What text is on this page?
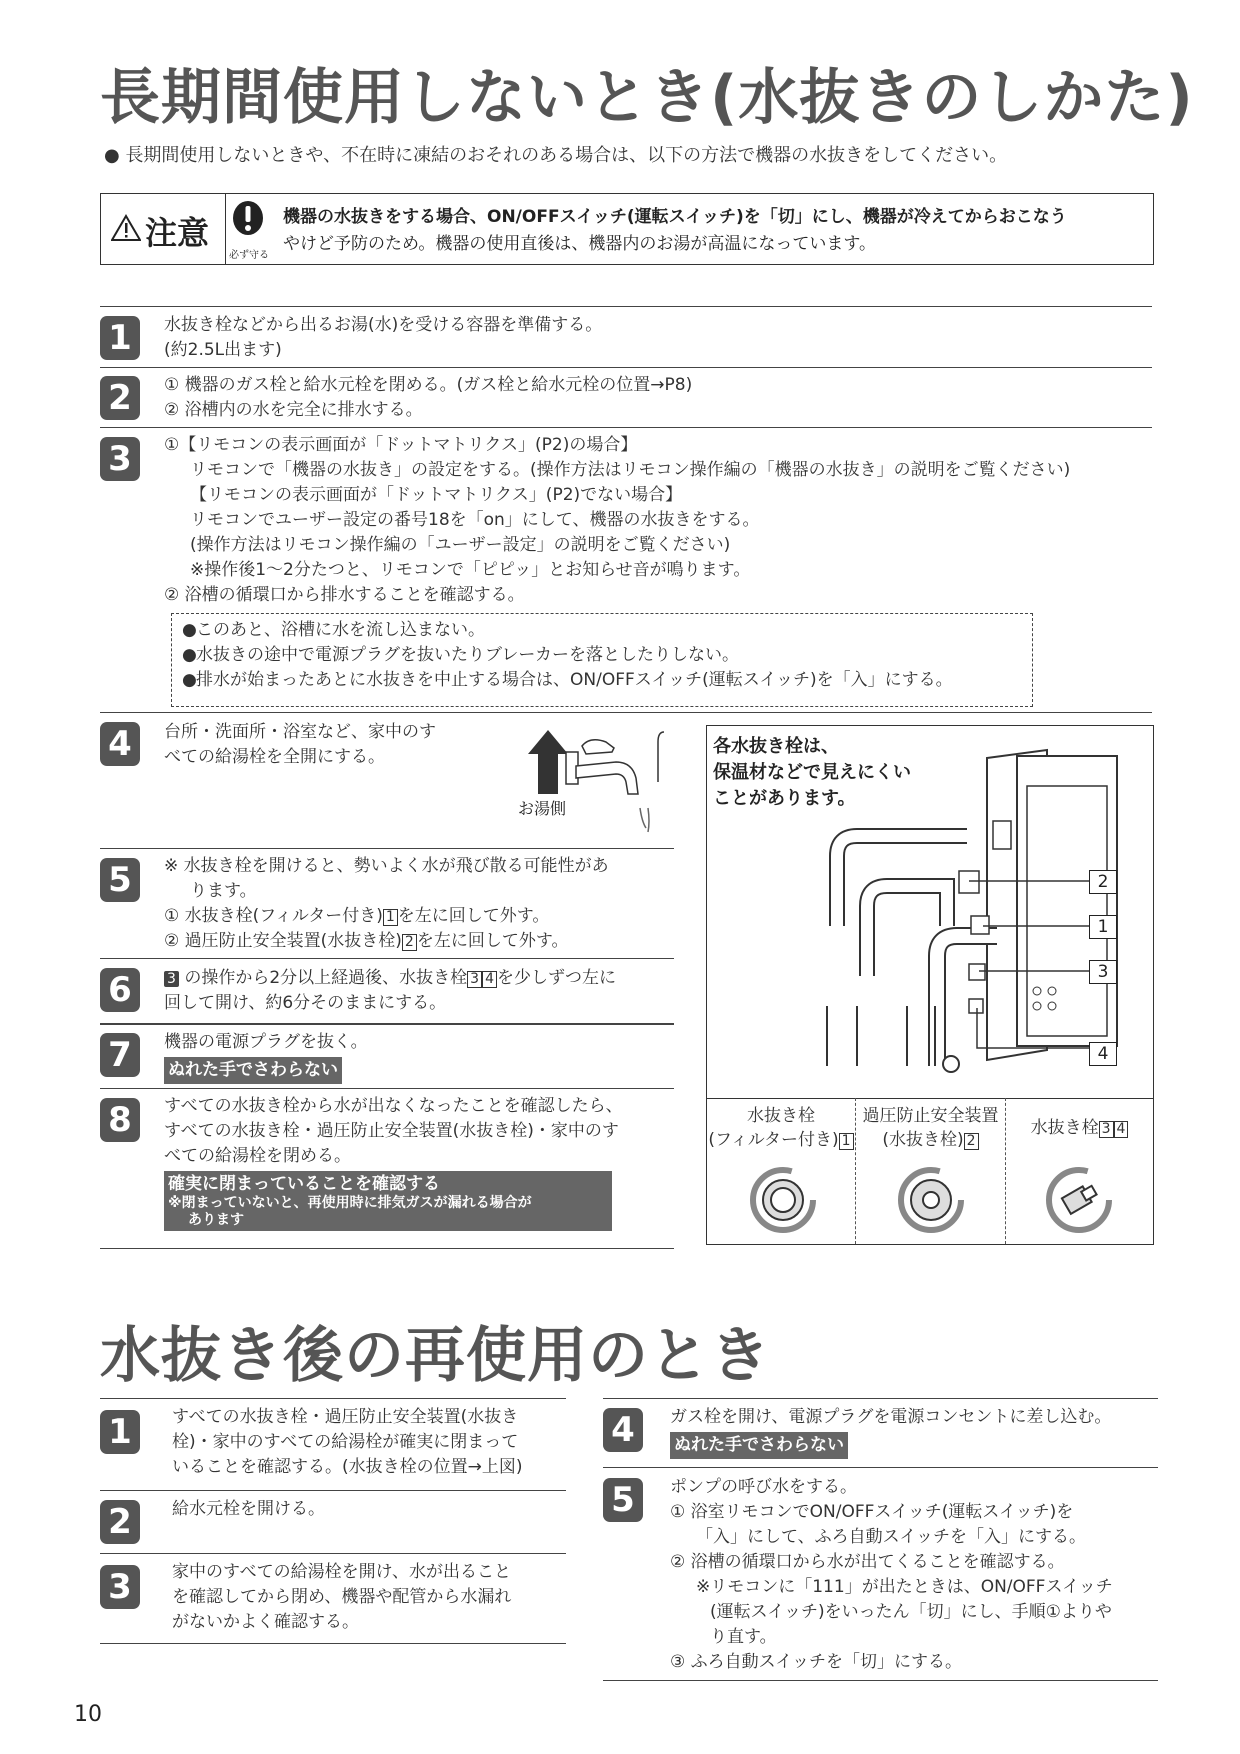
長期間使用しないとき(水抜きのしかた)
● 長期間使用しないときや、不在時に凍結のおそれのある場合は、以下の方法で機器の水抜きをしてください。
注意
必ず守る
機器の水抜きをする場合、ON/OFFスイッチ(運転スイッチ)を「切」にし、機器が冷えてからおこなう
やけど予防のため。機器の使用直後は、機器内のお湯が高温になっています。
1	水抜き栓などから出るお湯(水)を受ける容器を準備する。
(約2.5L出ます)
2	① 機器のガス栓と給水元栓を閉める。(ガス栓と給水元栓の位置→P8)
② 浴槽内の水を完全に排水する。
3	①【リモコンの表示画面が「ドットマトリクス」(P2)の場合】
リモコンで「機器の水抜き」の設定をする。(操作方法はリモコン操作編の「機器の水抜き」の説明をご覧ください)
【リモコンの表示画面が「ドットマトリクス」(P2)でない場合】
リモコンでユーザー設定の番号18を「on」にして、機器の水抜きをする。
(操作方法はリモコン操作編の「ユーザー設定」の説明をご覧ください)
※操作後1〜2分たつと、リモコンで「ピピッ」とお知らせ音が鳴ります。
② 浴槽の循環口から排水することを確認する。
● このあと、浴槽に水を流し込まない。
● 水抜きの途中で電源プラグを抜いたりブレーカーを落としたりしない。
● 排水が始まったあとに水抜きを中止する場合は、ON/OFFスイッチ(運転スイッチ)を「入」にする。
4	台所・洗面所・浴室など、家中のす
べての給湯栓を全開にする。
お湯側
5	※ 水抜き栓を開けると、勢いよく水が飛び散る可能性があ
ります。
① 水抜き栓(フィルター付き) 1 を左に回して外す。
② 過圧防止安全装置(水抜き栓) 2 を左に回して外す。
6	3 の操作から2分以上経過後、水抜き栓 3 4 を少しずつ左に
回して開け、約6分そのままにする。
7	機器の電源プラグを抜く。
ぬれた手でさわらない
8	すべての水抜き栓から水が出なくなったことを確認したら、
すべての水抜き栓・過圧防止安全装置(水抜き栓)・家中のす
べての給湯栓を閉める。
確実に閉まっていることを確認する
※閉まっていないと、再使用時に排気ガスが漏れる場合が
あります
各水抜き栓は、
保温材などで見えにくい
ことがあります。
2
1
3
4
水抜き栓
(フィルター付き) 1
過圧防止安全装置
(水抜き栓) 2
水抜き栓 3 4
水抜き後の再使用のとき
1	すべての水抜き栓・過圧防止安全装置(水抜き
栓)・家中のすべての給湯栓が確実に閉まって
いることを確認する。(水抜き栓の位置→上図)
2	給水元栓を開ける。
3	家中のすべての給湯栓を開け、水が出ること
を確認してから閉め、機器や配管から水漏れ
がないかよく確認する。
4	ガス栓を開け、電源プラグを電源コンセントに差し込む。
ぬれた手でさわらない
5	ポンプの呼び水をする。
① 浴室リモコンでON/OFFスイッチ(運転スイッチ)を
「入」にして、ふろ自動スイッチを「入」にする。
② 浴槽の循環口から水が出てくることを確認する。
※リモコンに「111」が出たときは、ON/OFFスイッチ
(運転スイッチ)をいったん「切」にし、手順①よりや
り直す。
③ ふろ自動スイッチを「切」にする。
10
